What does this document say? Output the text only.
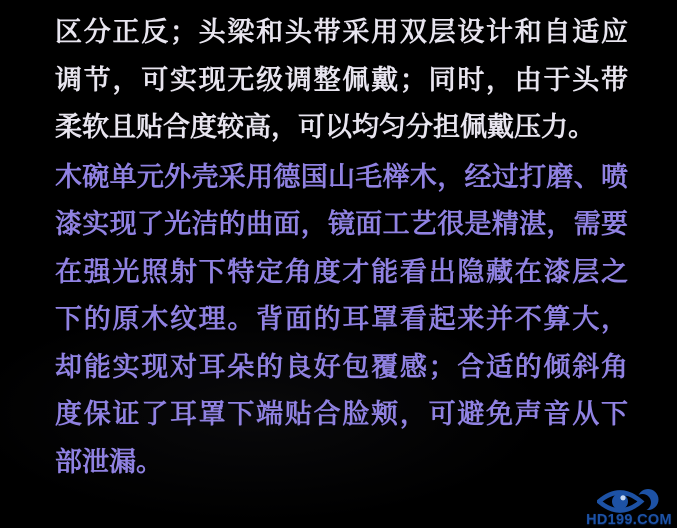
区分正反；头梁和头带采用双层设计和自适应
调节，可实现无级调整佩戴；同时，由于头带
柔软且贴合度较高，可以均匀分担佩戴压力。
木碗单元外壳采用德国山毛榉木，经过打磨、喷
漆实现了光洁的曲面，镜面工艺很是精湛，需要
在强光照射下特定角度才能看出隐藏在漆层之
下的原木纹理。背面的耳罩看起来并不算大，
却能实现对耳朵的良好包覆感；合适的倾斜角
度保证了耳罩下端贴合脸颊，可避免声音从下
部泄漏。
HD199.COM
